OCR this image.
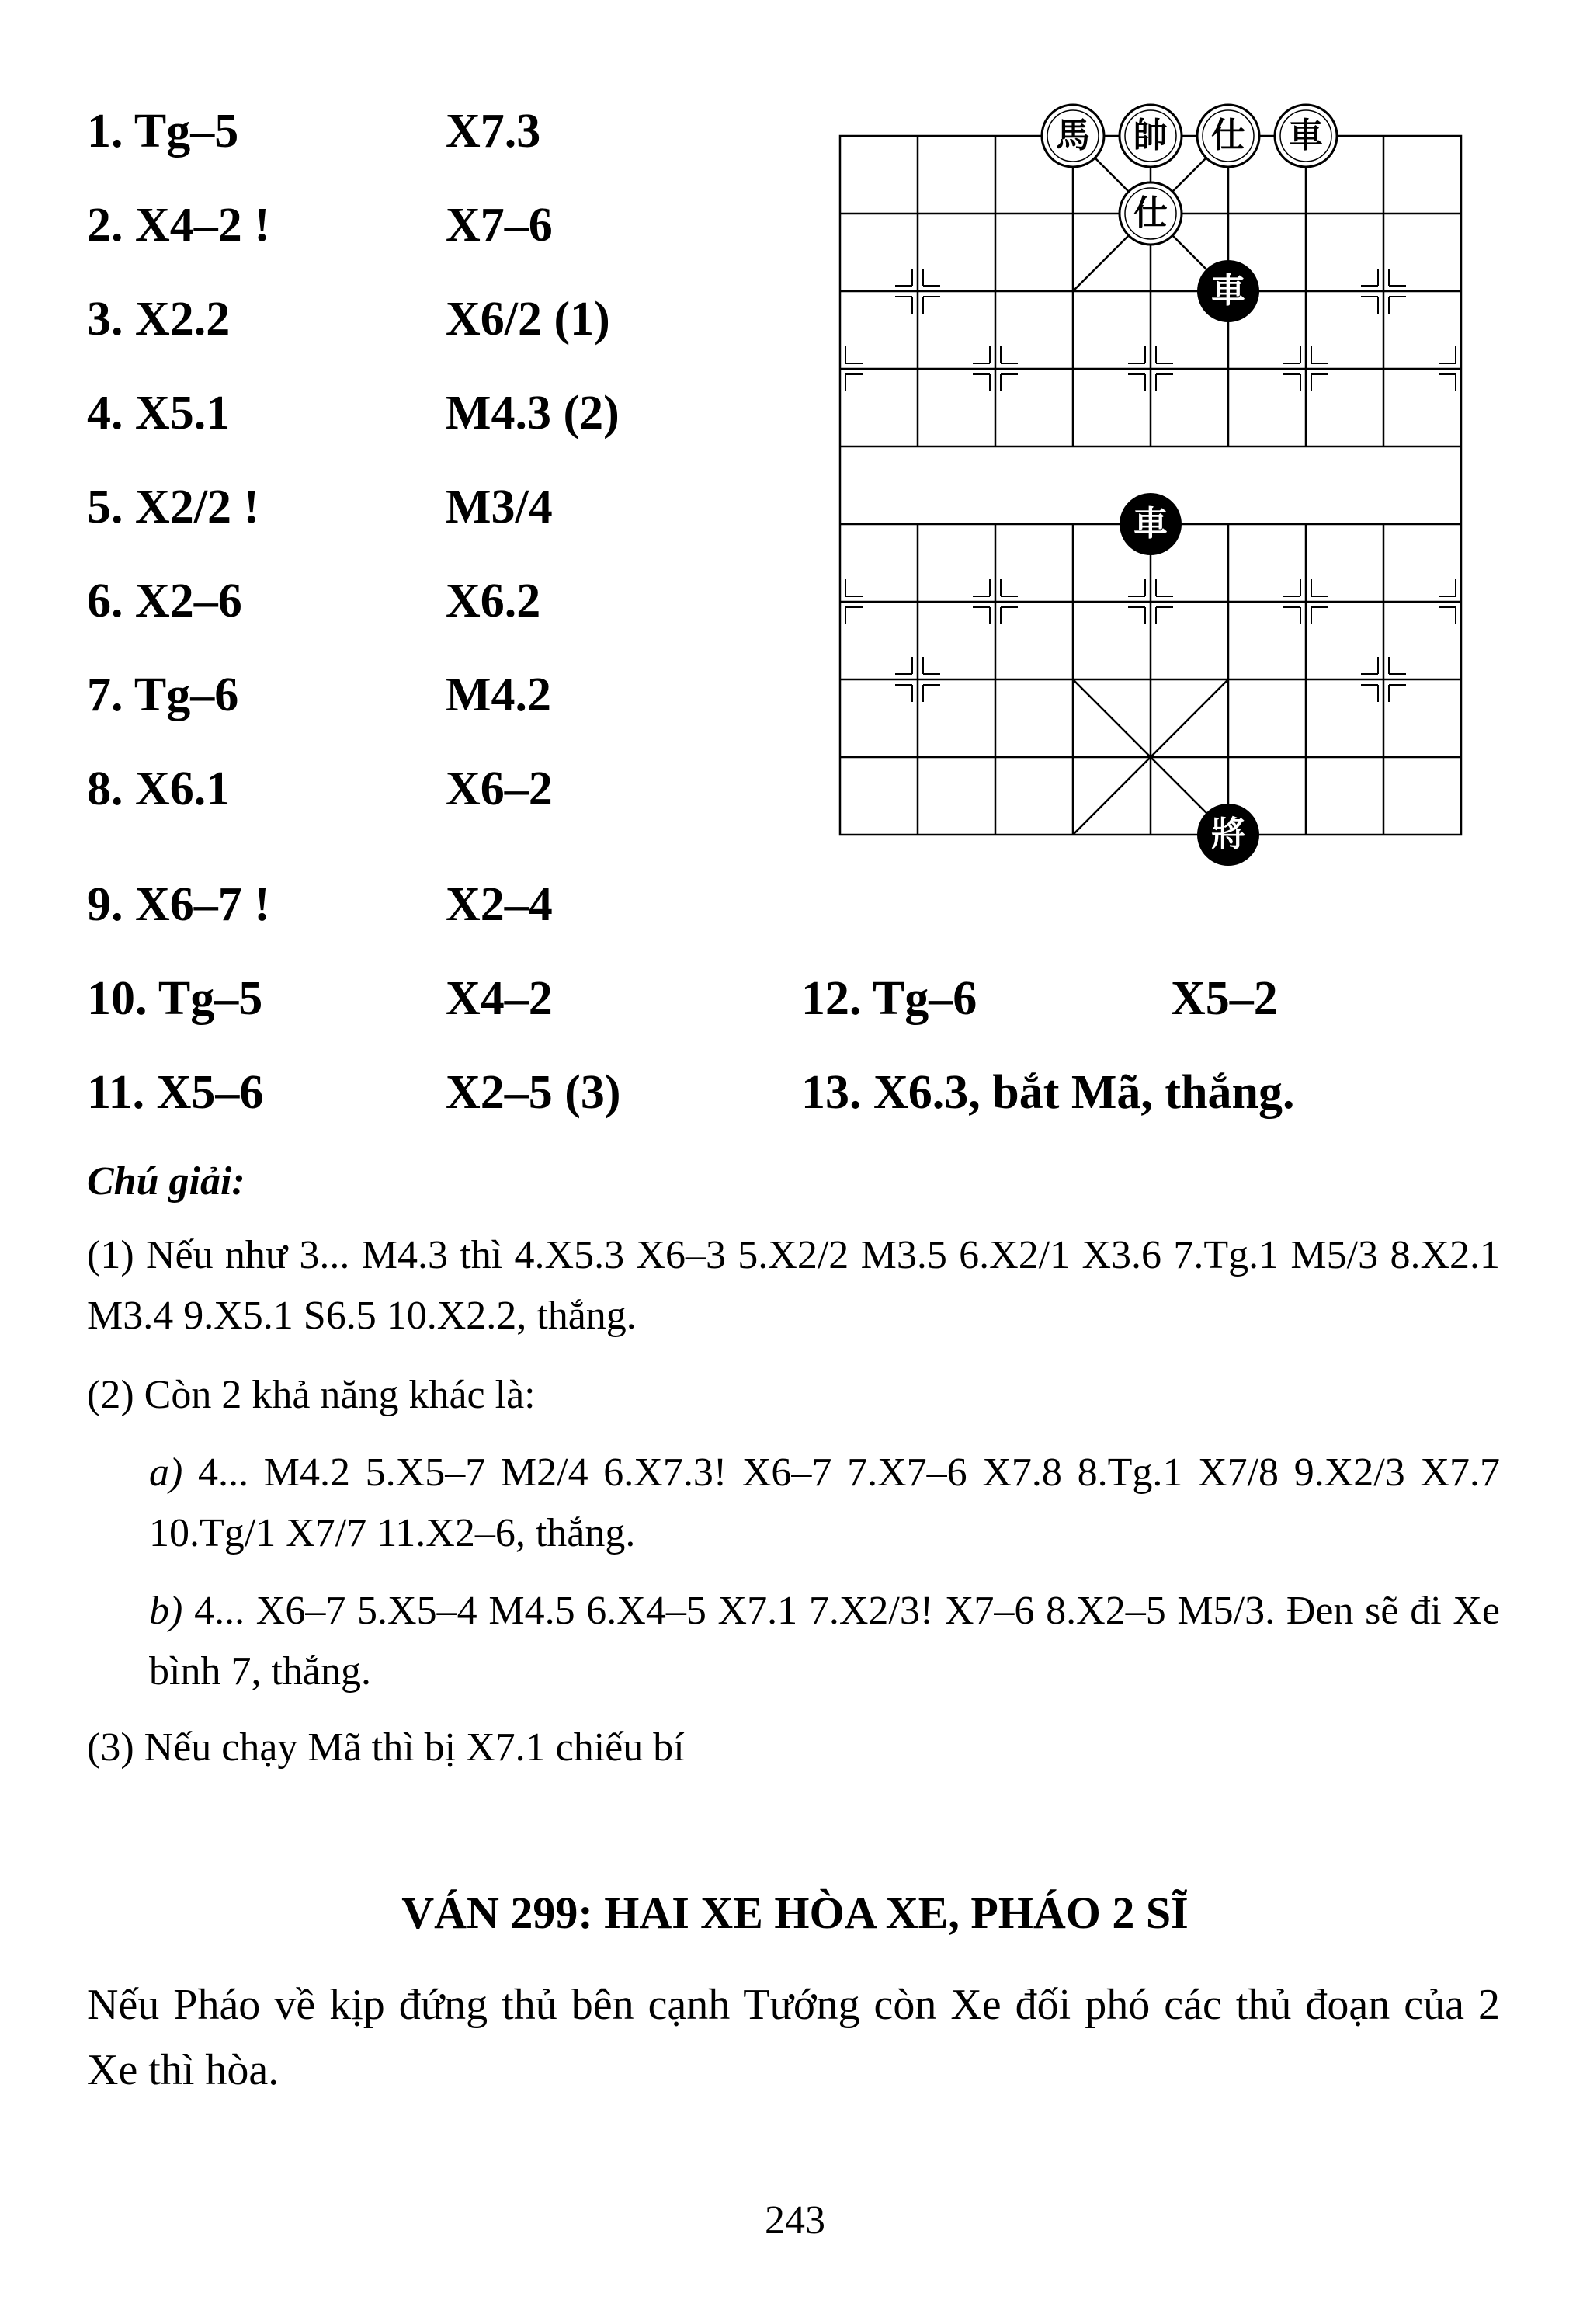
1. Tg–5	X7.3
2. X4–2 !	X7–6
3. X2.2	X6/2 (1)
4. X5.1	M4.3 (2)
5. X2/2 !	M3/4
6. X2–6	X6.2
7. Tg–6	M4.2
8. X6.1	X6–2
9. X6–7 !	X2–4
10. Tg–5	X4–2
11. X5–6	X2–5 (3)
12. Tg–6	X5–2
13. X6.3, bắt Mã, thắng.
馬 帥 仕 車
仕
車
車
將
Chú giải:

(1) Nếu như 3... M4.3 thì 4.X5.3 X6–3 5.X2/2 M3.5 6.X2/1 X3.6 7.Tg.1 M5/3 8.X2.1 M3.4 9.X5.1 S6.5 10.X2.2, thắng.

(2) Còn 2 khả năng khác là:

a) 4... M4.2 5.X5–7 M2/4 6.X7.3! X6–7 7.X7–6 X7.8 8.Tg.1 X7/8 9.X2/3 X7.7 10.Tg/1 X7/7 11.X2–6, thắng.

b) 4... X6–7 5.X5–4 M4.5 6.X4–5 X7.1 7.X2/3! X7–6 8.X2–5 M5/3. Đen sẽ đi Xe bình 7, thắng.

(3) Nếu chạy Mã thì bị X7.1 chiếu bí

VÁN 299: HAI XE HÒA XE, PHÁO 2 SĨ
Nếu Pháo về kịp đứng thủ bên cạnh Tướng còn Xe đối phó các thủ đoạn của 2 Xe thì hòa.
243
